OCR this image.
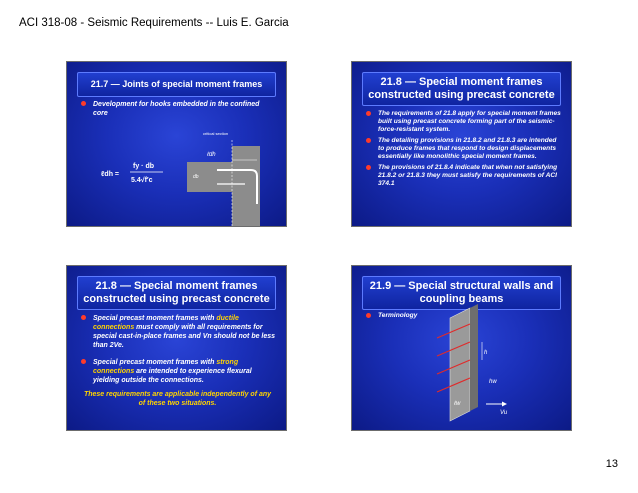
ACI 318-08 - Seismic Requirements -- Luis E. Garcia
21.7 — Joints of special moment frames
Development for hooks embedded in the confined core
ℓdh =
fy · db
5.4√f′c
critical section
ℓdh
db
21.8 — Special moment frames constructed using precast concrete
The requirements of 21.8 apply for special moment frames built using precast concrete forming part of the seismic-force-resistant system.
The detailing provisions in 21.8.2 and 21.8.3 are intended to produce frames that respond to design displacements essentially like monolithic special moment frames.
The provisions of 21.8.4 indicate that when not satisfying 21.8.2 or 21.8.3 they must satisfy the requirements of ACI 374.1
21.8 — Special moment frames constructed using precast concrete
Special precast moment frames with ductile connections must comply with all requirements for special cast-in-place frames and Vn should not be less than 2Ve.
Special precast moment frames with strong connections are intended to experience flexural yielding outside the connections.
These requirements are applicable independently of any of these two situations.
21.9 — Special structural walls and coupling beams
Terminology
h
hw
ℓw
Vu
13
